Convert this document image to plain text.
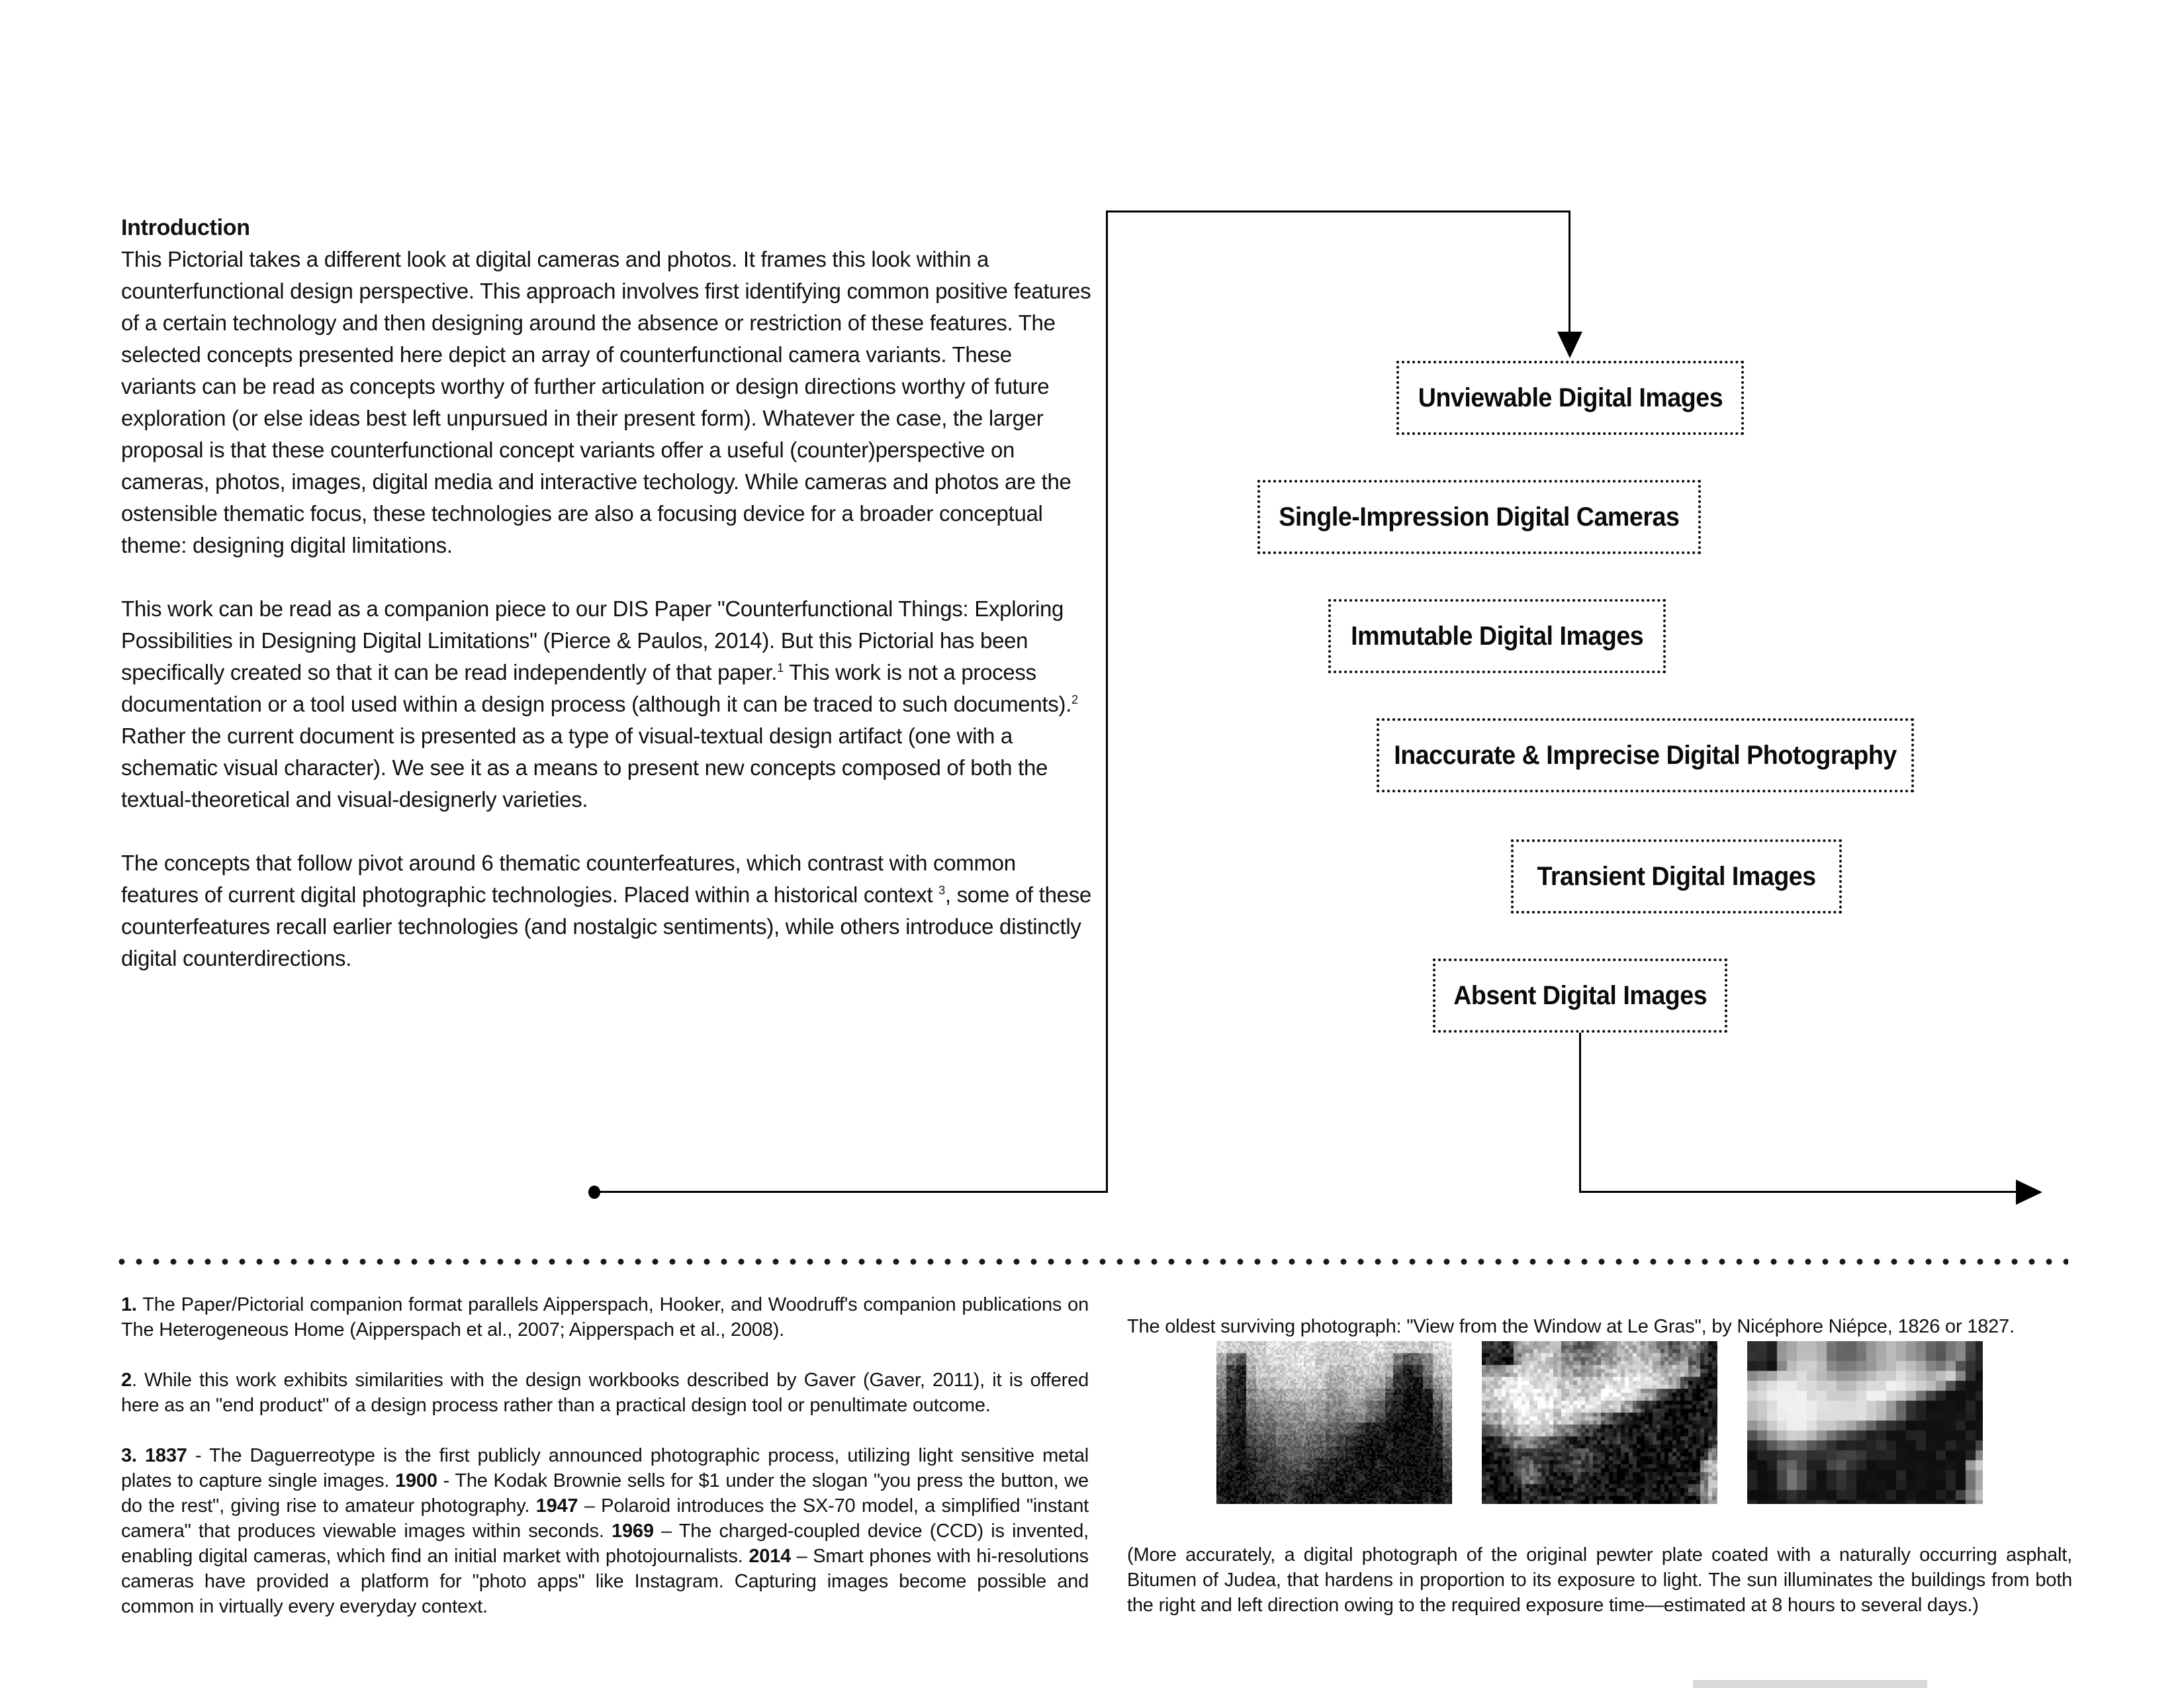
Introduction

This Pictorial takes a different look at digital cameras and photos. It frames this look within a counterfunctional design perspective. This approach involves first identifying common positive features of a certain technology and then designing around the absence or restriction of these features. The selected concepts presented here depict an array of counterfunctional camera variants. These variants can be read as concepts worthy of further articulation or design directions worthy of future exploration (or else ideas best left unpursued in their present form). Whatever the case, the larger proposal is that these counterfunctional concept variants offer a useful (counter)perspective on cameras, photos, images, digital media and interactive techology. While cameras and photos are the ostensible thematic focus, these technologies are also a focusing device for a broader conceptual theme: designing digital limitations.

This work can be read as a companion piece to our DIS Paper "Counterfunctional Things: Exploring Possibilities in Designing Digital Limitations" (Pierce & Paulos, 2014). But this Pictorial has been specifically created so that it can be read independently of that paper.$^1$ This work is not a process documentation or a tool used within a design process (although it can be traced to such documents).$^2$ Rather the current document is presented as a type of visual-textual design artifact (one with a schematic visual character). We see it as a means to present new concepts composed of both the textual-theoretical and visual-designerly varieties.

The concepts that follow pivot around 6 thematic counterfeatures, which contrast with common features of current digital photographic technologies. Placed within a historical context $^3$, some of these counterfeatures recall earlier technologies (and nostalgic sentiments), while others introduce distinctly digital counterdirections.

Unviewable Digital Images
Single-Impression Digital Cameras
Immutable Digital Images
Inaccurate & Imprecise Digital Photography
Transient Digital Images
Absent Digital Images

1. The Paper/Pictorial companion format parallels Aipperspach, Hooker, and Woodruff's companion publications on The Heterogeneous Home (Aipperspach et al., 2007; Aipperspach et al., 2008).

2. While this work exhibits similarities with the design workbooks described by Gaver (Gaver, 2011), it is offered here as an "end product" of a design process rather than a practical design tool or penultimate outcome.

3. 1837 - The Daguerreotype is the first publicly announced photographic process, utilizing light sensitive metal plates to capture single images. 1900 - The Kodak Brownie sells for $1 under the slogan "you press the button, we do the rest", giving rise to amateur photography. 1947 – Polaroid introduces the SX-70 model, a simplified "instant camera" that produces viewable images within seconds. 1969 – The charged-coupled device (CCD) is invented, enabling digital cameras, which find an initial market with photojournalists. 2014 – Smart phones with hi-resolutions cameras have provided a platform for "photo apps" like Instagram. Capturing images become possible and common in virtually every everyday context.

The oldest surviving photograph: "View from the Window at Le Gras", by Nicéphore Niépce, 1826 or 1827.

(More accurately, a digital photograph of the original pewter plate coated with a naturally occurring asphalt, Bitumen of Judea, that hardens in proportion to its exposure to light. The sun illuminates the buildings from both the right and left direction owing to the required exposure time—estimated at 8 hours to several days.)
